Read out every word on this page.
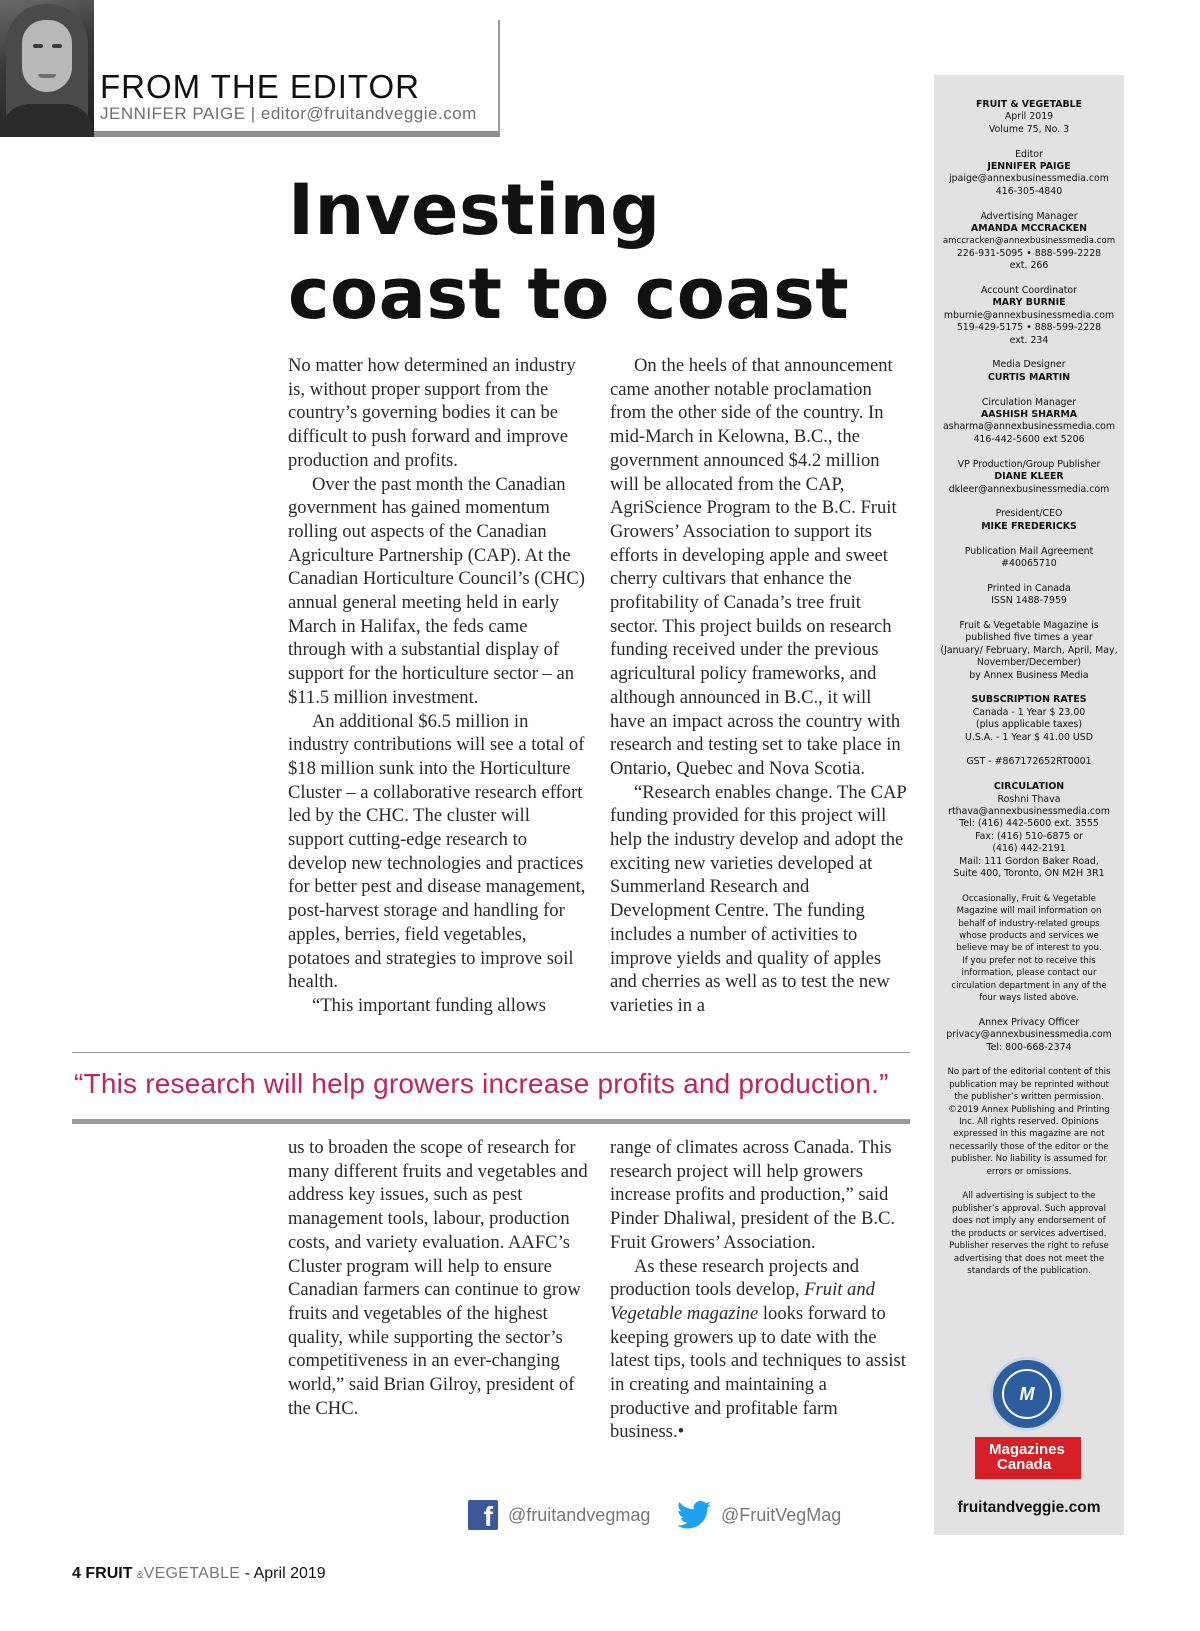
FROM THE EDITOR
JENNIFER PAIGE | editor@fruitandveggie.com
Investing
coast to coast

No matter how determined an industry is, without proper support from the country’s governing bodies it can be difficult to push forward and improve production and profits.

Over the past month the Canadian government has gained momentum rolling out aspects of the Canadian Agriculture Partnership (CAP). At the Canadian Horticulture Council’s (CHC) annual general meeting held in early March in Halifax, the feds came through with a substantial display of support for the horticulture sector – an $11.5 million investment.

An additional $6.5 million in industry contributions will see a total of $18 million sunk into the Horticulture Cluster – a collaborative research effort led by the CHC. The cluster will support cutting-edge research to develop new technologies and practices for better pest and disease management, post-harvest storage and handling for apples, berries, field vegetables, potatoes and strategies to improve soil health.

“This important funding allows

On the heels of that announcement came another notable proclamation from the other side of the country. In mid-March in Kelowna, B.C., the government announced $4.2 million will be allocated from the CAP, AgriScience Program to the B.C. Fruit Growers’ Association to support its efforts in developing apple and sweet cherry cultivars that enhance the profitability of Canada’s tree fruit sector. This project builds on research funding received under the previous agricultural policy frameworks, and although announced in B.C., it will have an impact across the country with research and testing set to take place in Ontario, Quebec and Nova Scotia.

“Research enables change. The CAP funding provided for this project will help the industry develop and adopt the exciting new varieties developed at Summerland Research and Development Centre. The funding includes a number of activities to improve yields and quality of apples and cherries as well as to test the new varieties in a

“This research will help growers increase profits and production.”

us to broaden the scope of research for many different fruits and vegetables and address key issues, such as pest management tools, labour, production costs, and variety evaluation. AAFC’s Cluster program will help to ensure Canadian farmers can continue to grow fruits and vegetables of the highest quality, while supporting the sector’s competitiveness in an ever-changing world,” said Brian Gilroy, president of the CHC.

range of climates across Canada. This research project will help growers increase profits and production,” said Pinder Dhaliwal, president of the B.C. Fruit Growers’ Association.

As these research projects and production tools develop, Fruit and Vegetable magazine looks forward to keeping growers up to date with the latest tips, tools and techniques to assist in creating and maintaining a productive and profitable farm business.•

f @fruitandvegmag	@FruitVegMag
4 FRUIT &VEGETABLE - April 2019
FRUIT & VEGETABLE
April 2019
Volume 75, No. 3
Editor
JENNIFER PAIGE
jpaige@annexbusinessmedia.com
416-305-4840
Advertising Manager
AMANDA MCCRACKEN
amccracken@annexbusinessmedia.com
226-931-5095 • 888-599-2228
ext. 266
Account Coordinator
MARY BURNIE
mburnie@annexbusinessmedia.com
519-429-5175 • 888-599-2228
ext. 234
Media Designer
CURTIS MARTIN
Circulation Manager
AASHISH SHARMA
asharma@annexbusinessmedia.com
416-442-5600 ext 5206
VP Production/Group Publisher
DIANE KLEER
dkleer@annexbusinessmedia.com
President/CEO
MIKE FREDERICKS
Publication Mail Agreement
#40065710
Printed in Canada
ISSN 1488-7959
Fruit & Vegetable Magazine is
published five times a year
(January/ February, March, April, May,
November/December)
by Annex Business Media
SUBSCRIPTION RATES
Canada - 1 Year $ 23.00
(plus applicable taxes)
U.S.A. - 1 Year $ 41.00 USD
GST - #867172652RT0001
CIRCULATION
Roshni Thava
rthava@annexbusinessmedia.com
Tel: (416) 442-5600 ext. 3555
Fax: (416) 510-6875 or
(416) 442-2191
Mail: 111 Gordon Baker Road,
Suite 400, Toronto, ON M2H 3R1
Occasionally, Fruit & Vegetable
Magazine will mail information on
behalf of industry-related groups
whose products and services we
believe may be of interest to you.
If you prefer not to receive this
information, please contact our
circulation department in any of the
four ways listed above.
Annex Privacy Officer
privacy@annexbusinessmedia.com
Tel: 800-668-2374
No part of the editorial content of this
publication may be reprinted without
the publisher’s written permission.
©2019 Annex Publishing and Printing
Inc. All rights reserved. Opinions
expressed in this magazine are not
necessarily those of the editor or the
publisher. No liability is assumed for
errors or omissions.
All advertising is subject to the
publisher’s approval. Such approval
does not imply any endorsement of
the products or services advertised.
Publisher reserves the right to refuse
advertising that does not meet the
standards of the publication.
M
Magazines
Canada
fruitandveggie.com
